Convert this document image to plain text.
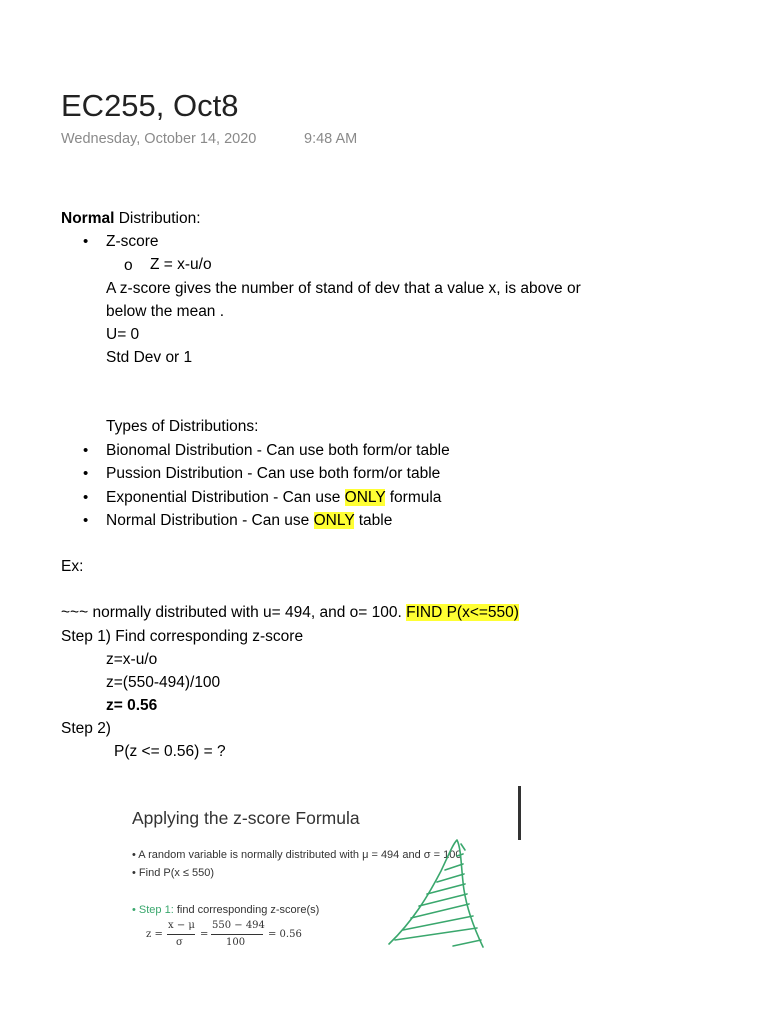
EC255, Oct8
Wednesday, October 14, 2020	9:48 AM
Normal Distribution:
• Z-score
o Z = x-u/o
A z-score gives the number of stand of dev that a value x, is above or
below the mean .
U= 0
Std Dev or 1
Types of Distributions:
• Bionomal Distribution - Can use both form/or table
• Pussion Distribution - Can use both form/or table
• Exponential Distribution - Can use ONLY formula
• Normal Distribution - Can use ONLY table
Ex:
~~~ normally distributed with u= 494, and o= 100. FIND P(x<=550)
Step 1) Find corresponding z-score
z=x-u/o
z=(550-494)/100
z= 0.56
Step 2)
P(z <= 0.56) = ?
Applying the z-score Formula
• A random variable is normally distributed with μ = 494 and σ = 100
• Find P(x ≤ 550)
• Step 1: find corresponding z-score(s)
z =
x − μ
σ
=
550 − 494
100
= 0.56
